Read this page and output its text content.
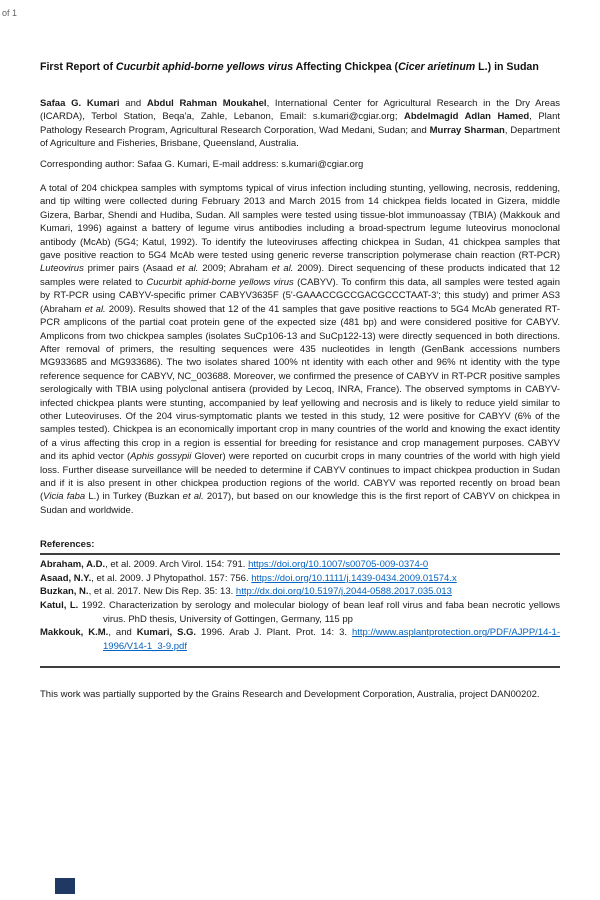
of 1
First Report of Cucurbit aphid-borne yellows virus Affecting Chickpea (Cicer arietinum L.) in Sudan
Safaa G. Kumari and Abdul Rahman Moukahel, International Center for Agricultural Research in the Dry Areas (ICARDA), Terbol Station, Beqa'a, Zahle, Lebanon, Email: s.kumari@cgiar.org; Abdelmagid Adlan Hamed, Plant Pathology Research Program, Agricultural Research Corporation, Wad Medani, Sudan; and Murray Sharman, Department of Agriculture and Fisheries, Brisbane, Queensland, Australia.
Corresponding author: Safaa G. Kumari, E-mail address: s.kumari@cgiar.org
A total of 204 chickpea samples with symptoms typical of virus infection including stunting, yellowing, necrosis, reddening, and tip wilting were collected during February 2013 and March 2015 from 14 chickpea fields located in Gizera, middle Gizera, Barbar, Shendi and Hudiba, Sudan. All samples were tested using tissue-blot immunoassay (TBIA) (Makkouk and Kumari, 1996) against a battery of legume virus antibodies including a broad-spectrum legume luteovirus monoclonal antibody (McAb) (5G4; Katul, 1992). To identify the luteoviruses affecting chickpea in Sudan, 41 chickpea samples that gave positive reaction to 5G4 McAb were tested using generic reverse transcription polymerase chain reaction (RT-PCR) Luteovirus primer pairs (Asaad et al. 2009; Abraham et al. 2009). Direct sequencing of these products indicated that 12 samples were related to Cucurbit aphid-borne yellows virus (CABYV). To confirm this data, all samples were tested again by RT-PCR using CABYV-specific primer CABYV3635F (5'-GAAACCGCCGACGCCCTAAT-3'; this study) and primer AS3 (Abraham et al. 2009). Results showed that 12 of the 41 samples that gave positive reactions to 5G4 McAb generated RT-PCR amplicons of the partial coat protein gene of the expected size (481 bp) and were considered positive for CABYV. Amplicons from two chickpea samples (isolates SuCp106-13 and SuCp122-13) were directly sequenced in both directions. After removal of primers, the resulting sequences were 435 nucleotides in length (GenBank accessions numbers MG933685 and MG933686). The two isolates shared 100% nt identity with each other and 96% nt identity with the type reference sequence for CABYV, NC_003688. Moreover, we confirmed the presence of CABYV in RT-PCR positive samples serologically with TBIA using polyclonal antisera (provided by Lecoq, INRA, France). The observed symptoms in CABYV-infected chickpea plants were stunting, accompanied by leaf yellowing and necrosis and is likely to reduce yield similar to other Luteoviruses. Of the 204 virus-symptomatic plants we tested in this study, 12 were positive for CABYV (6% of the samples tested). Chickpea is an economically important crop in many countries of the world and knowing the exact identity of a virus affecting this crop in a region is essential for breeding for resistance and crop management purposes. CABYV and its aphid vector (Aphis gossypii Glover) were reported on cucurbit crops in many countries of the world with high yield loss. Further disease surveillance will be needed to determine if CABYV continues to impact chickpea production in Sudan and if it is also present in other chickpea production regions of the world. CABYV was reported recently on broad bean (Vicia faba L.) in Turkey (Buzkan et al. 2017), but based on our knowledge this is the first report of CABYV on chickpea in Sudan and worldwide.
References:
Abraham, A.D., et al. 2009. Arch Virol. 154: 791. https://doi.org/10.1007/s00705-009-0374-0
Asaad, N.Y., et al. 2009. J Phytopathol. 157: 756. https://doi.org/10.1111/j.1439-0434.2009.01574.x
Buzkan, N., et al. 2017. New Dis Rep. 35: 13. http://dx.doi.org/10.5197/j.2044-0588.2017.035.013
Katul, L. 1992. Characterization by serology and molecular biology of bean leaf roll virus and faba bean necrotic yellows virus. PhD thesis, University of Gottingen, Germany, 115 pp
Makkouk, K.M., and Kumari, S.G. 1996. Arab J. Plant. Prot. 14: 3. http://www.asplantprotection.org/PDF/AJPP/14-1-1996/V14-1_3-9.pdf
This work was partially supported by the Grains Research and Development Corporation, Australia, project DAN00202.
